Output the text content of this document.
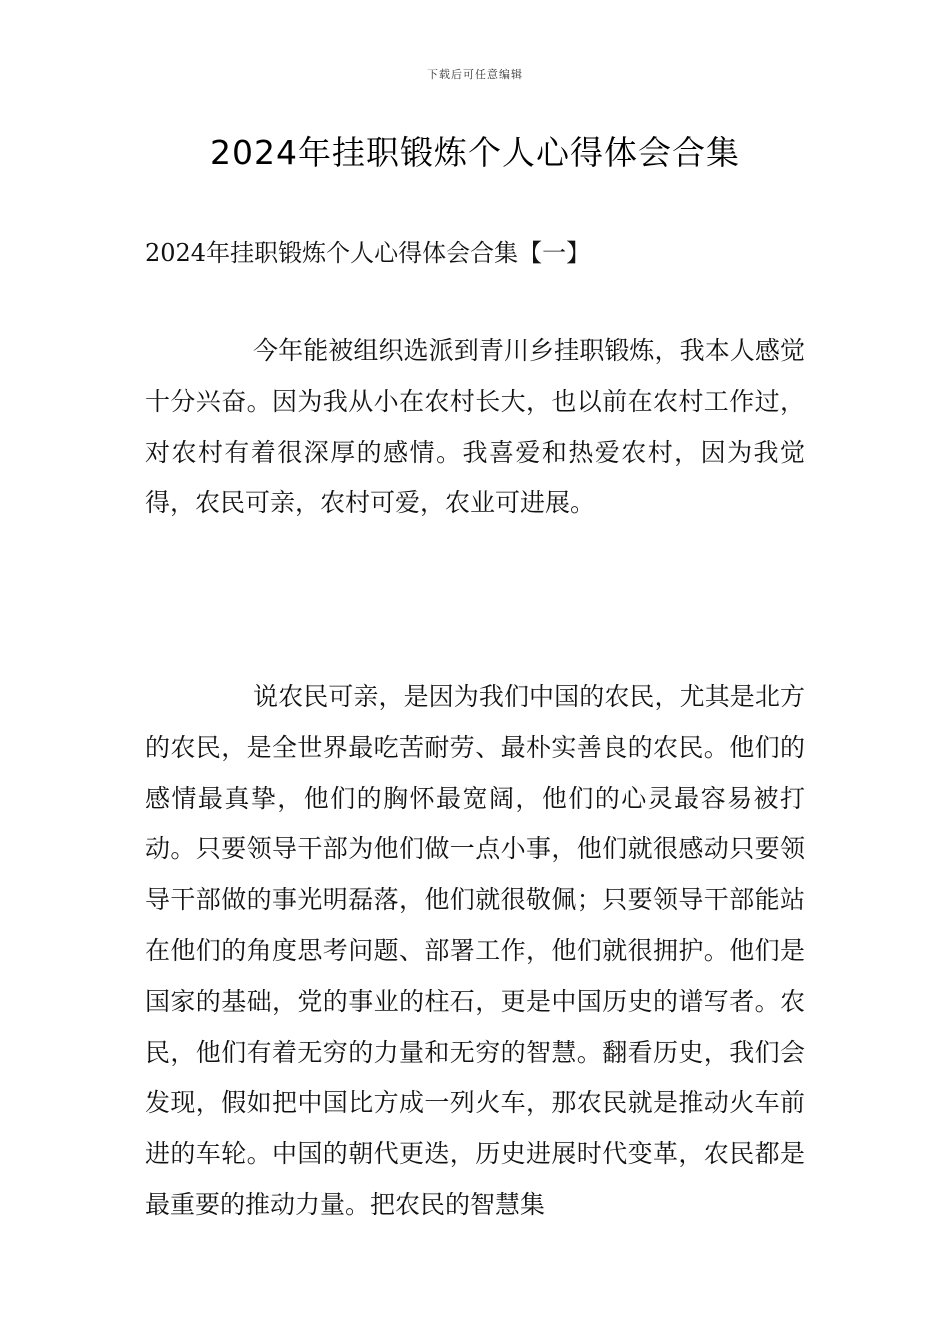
下载后可任意编辑
2024年挂职锻炼个人心得体会合集
2024年挂职锻炼个人心得体会合集【一】

今年能被组织选派到青川乡挂职锻炼，我本人感觉十分兴奋。因为我从小在农村长大，也以前在农村工作过，对农村有着很深厚的感情。我喜爱和热爱农村，因为我觉得，农民可亲，农村可爱，农业可进展。

说农民可亲，是因为我们中国的农民，尤其是北方的农民，是全世界最吃苦耐劳、最朴实善良的农民。他们的感情最真挚，他们的胸怀最宽阔，他们的心灵最容易被打动。只要领导干部为他们做一点小事，他们就很感动只要领导干部做的事光明磊落，他们就很敬佩；只要领导干部能站在他们的角度思考问题、部署工作，他们就很拥护。他们是国家的基础，党的事业的柱石，更是中国历史的谱写者。农民，他们有着无穷的力量和无穷的智慧。翻看历史，我们会发现，假如把中国比方成一列火车，那农民就是推动火车前进的车轮。中国的朝代更迭，历史进展时代变革，农民都是最重要的推动力量。把农民的智慧集
